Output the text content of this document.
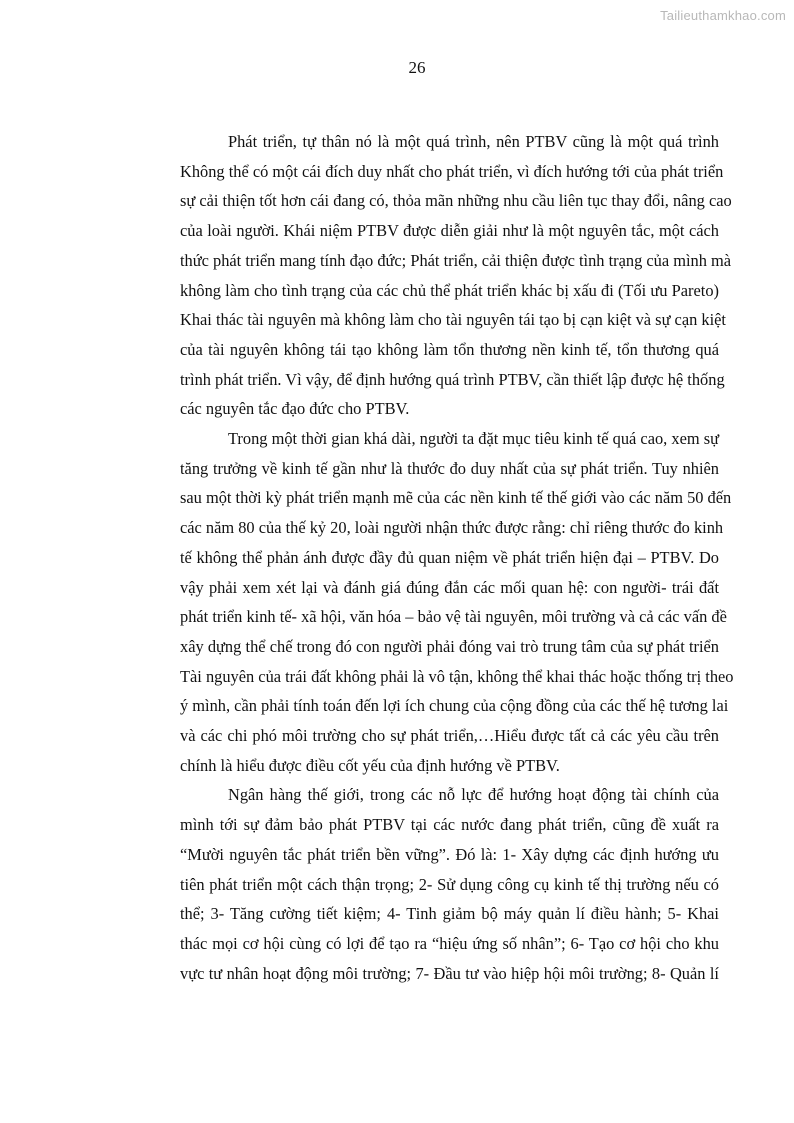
Tailieuthamkhao.com
26

Phát triển, tự thân nó là một quá trình, nên PTBV cũng là một quá trình
Không thể có một cái đích duy nhất cho phát triển, vì đích hướng tới của phát triển
sự cải thiện tốt hơn cái đang có, thỏa mãn những nhu cầu liên tục thay đổi, nâng cao
của loài người. Khái niệm PTBV được diễn giải như là một nguyên tắc, một cách
thức phát triển mang tính đạo đức; Phát triển, cải thiện được tình trạng của mình mà
không làm cho tình trạng của các chủ thể phát triển khác bị xấu đi (Tối ưu Pareto)
Khai thác tài nguyên mà không làm cho tài nguyên tái tạo bị cạn kiệt và sự cạn kiệt
của tài nguyên không tái tạo không làm tổn thương nền kinh tế, tổn thương quá
trình phát triển. Vì vậy, để định hướng quá trình PTBV, cần thiết lập được hệ thống
các nguyên tắc đạo đức cho PTBV.

Trong một thời gian khá dài, người ta đặt mục tiêu kinh tế quá cao, xem sự
tăng trưởng về kinh tế gần như là thước đo duy nhất của sự phát triển. Tuy nhiên
sau một thời kỳ phát triển mạnh mẽ của các nền kinh tế thế giới vào các năm 50 đến
các năm 80 của thế kỷ 20, loài người nhận thức được rằng: chỉ riêng thước đo kinh
tế không thể phản ánh được đầy đủ quan niệm về phát triển hiện đại – PTBV. Do
vậy phải xem xét lại và đánh giá đúng đắn các mối quan hệ: con người- trái đất
phát triển kinh tế- xã hội, văn hóa – bảo vệ tài nguyên, môi trường và cả các vấn đề
xây dựng thể chế trong đó con người phải đóng vai trò trung tâm của sự phát triển
Tài nguyên của trái đất không phải là vô tận, không thể khai thác hoặc thống trị theo
ý mình, cần phải tính toán đến lợi ích chung của cộng đồng của các thế hệ tương lai
và các chi phó môi trường cho sự phát triển,…Hiểu được tất cả các yêu cầu trên
chính là hiểu được điều cốt yếu của định hướng về PTBV.

Ngân hàng thế giới, trong các nỗ lực để hướng hoạt động tài chính của
mình tới sự đảm bảo phát PTBV tại các nước đang phát triển, cũng đề xuất ra
“Mười nguyên tắc phát triển bền vững”. Đó là: 1- Xây dựng các định hướng ưu
tiên phát triển một cách thận trọng; 2- Sử dụng công cụ kinh tế thị trường nếu có
thể; 3- Tăng cường tiết kiệm; 4- Tinh giảm bộ máy quản lí điều hành; 5- Khai
thác mọi cơ hội cùng có lợi để tạo ra “hiệu ứng số nhân”; 6- Tạo cơ hội cho khu
vực tư nhân hoạt động môi trường; 7- Đầu tư vào hiệp hội môi trường; 8- Quản lí
